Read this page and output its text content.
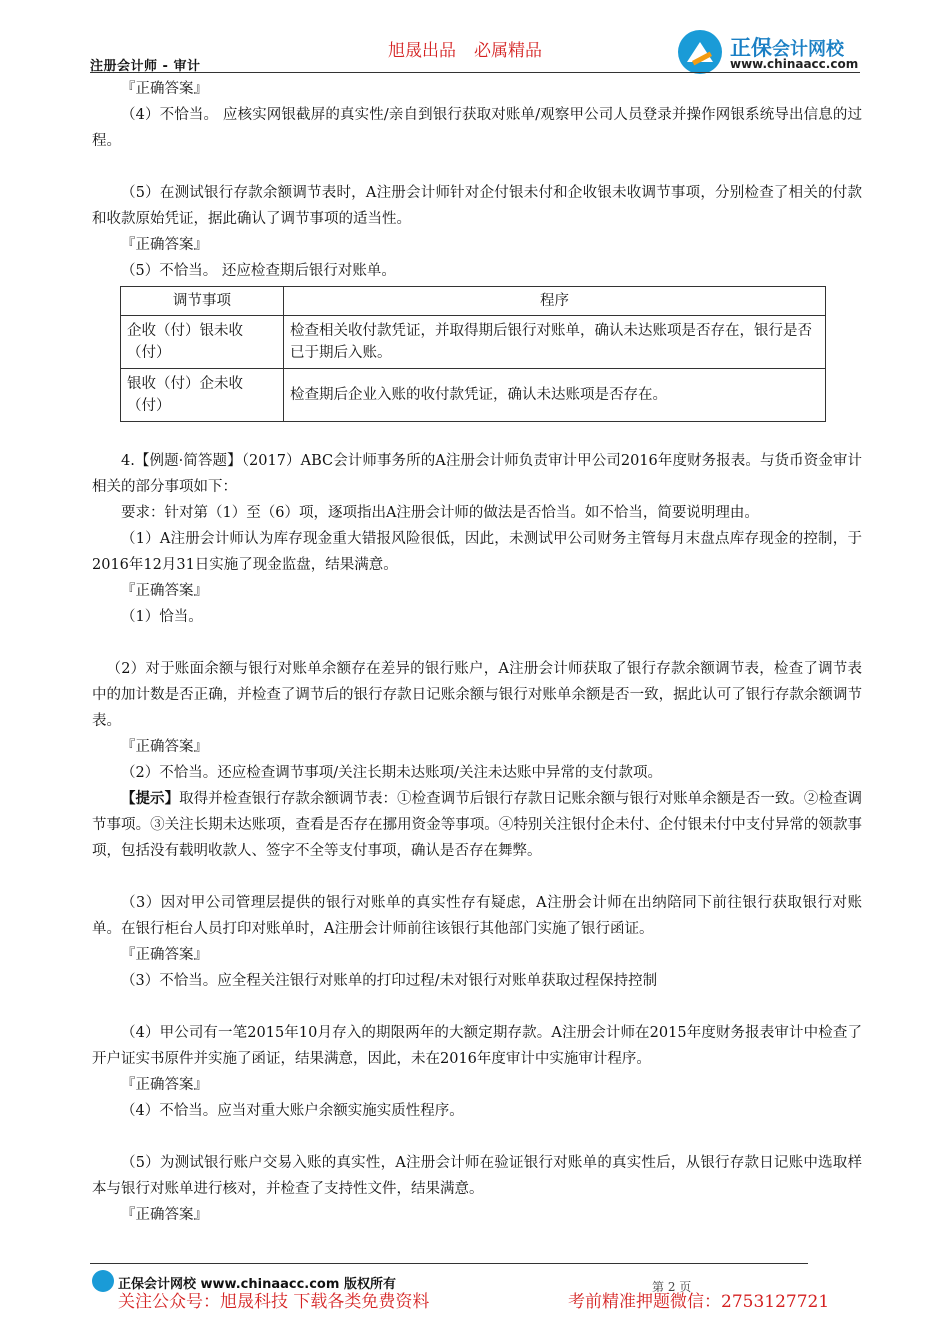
注册会计师 - 审计
旭晟出品 必属精品	正保会计网校
www.chinaacc.com

『正确答案』

（4）不恰当。 应核实网银截屏的真实性/亲自到银行获取对账单/观察甲公司人员登录并操作网银系统导出信息的过程。

（5）在测试银行存款余额调节表时，A注册会计师针对企付银未付和企收银未收调节事项，分别检查了相关的付款和收款原始凭证，据此确认了调节事项的适当性。

『正确答案』

（5）不恰当。 还应检查期后银行对账单。

调节事项	程序
企收（付）银未收（付）	检查相关收付款凭证，并取得期后银行对账单，确认未达账项是否存在，银行是否已于期后入账。
银收（付）企未收（付）	检查期后企业入账的收付款凭证，确认未达账项是否存在。

4.【例题·简答题】（2017）ABC会计师事务所的A注册会计师负责审计甲公司2016年度财务报表。与货币资金审计相关的部分事项如下：

要求：针对第（1）至（6）项，逐项指出A注册会计师的做法是否恰当。如不恰当，简要说明理由。

（1）A注册会计师认为库存现金重大错报风险很低，因此，未测试甲公司财务主管每月末盘点库存现金的控制，于2016年12月31日实施了现金监盘，结果满意。

『正确答案』

（1）恰当。

（2）对于账面余额与银行对账单余额存在差异的银行账户，A注册会计师获取了银行存款余额调节表，检查了调节表中的加计数是否正确，并检查了调节后的银行存款日记账余额与银行对账单余额是否一致，据此认可了银行存款余额调节表。

『正确答案』

（2）不恰当。还应检查调节事项/关注长期未达账项/关注未达账中异常的支付款项。

【提示】取得并检查银行存款余额调节表：①检查调节后银行存款日记账余额与银行对账单余额是否一致。②检查调节事项。③关注长期未达账项，查看是否存在挪用资金等事项。④特别关注银付企未付、企付银未付中支付异常的领款事项，包括没有载明收款人、签字不全等支付事项，确认是否存在舞弊。

（3）因对甲公司管理层提供的银行对账单的真实性存有疑虑，A注册会计师在出纳陪同下前往银行获取银行对账单。在银行柜台人员打印对账单时，A注册会计师前往该银行其他部门实施了银行函证。

『正确答案』

（3）不恰当。应全程关注银行对账单的打印过程/未对银行对账单获取过程保持控制

（4）甲公司有一笔2015年10月存入的期限两年的大额定期存款。A注册会计师在2015年度财务报表审计中检查了开户证实书原件并实施了函证，结果满意，因此，未在2016年度审计中实施审计程序。

『正确答案』

（4）不恰当。应当对重大账户余额实施实质性程序。

（5）为测试银行账户交易入账的真实性，A注册会计师在验证银行对账单的真实性后，从银行存款日记账中选取样本与银行对账单进行核对，并检查了支持性文件，结果满意。

『正确答案』

正保会计网校 www.chinaacc.com 版权所有	第 2 页
关注公众号：旭晟科技 下载各类免费资料	考前精准押题微信：2753127721
